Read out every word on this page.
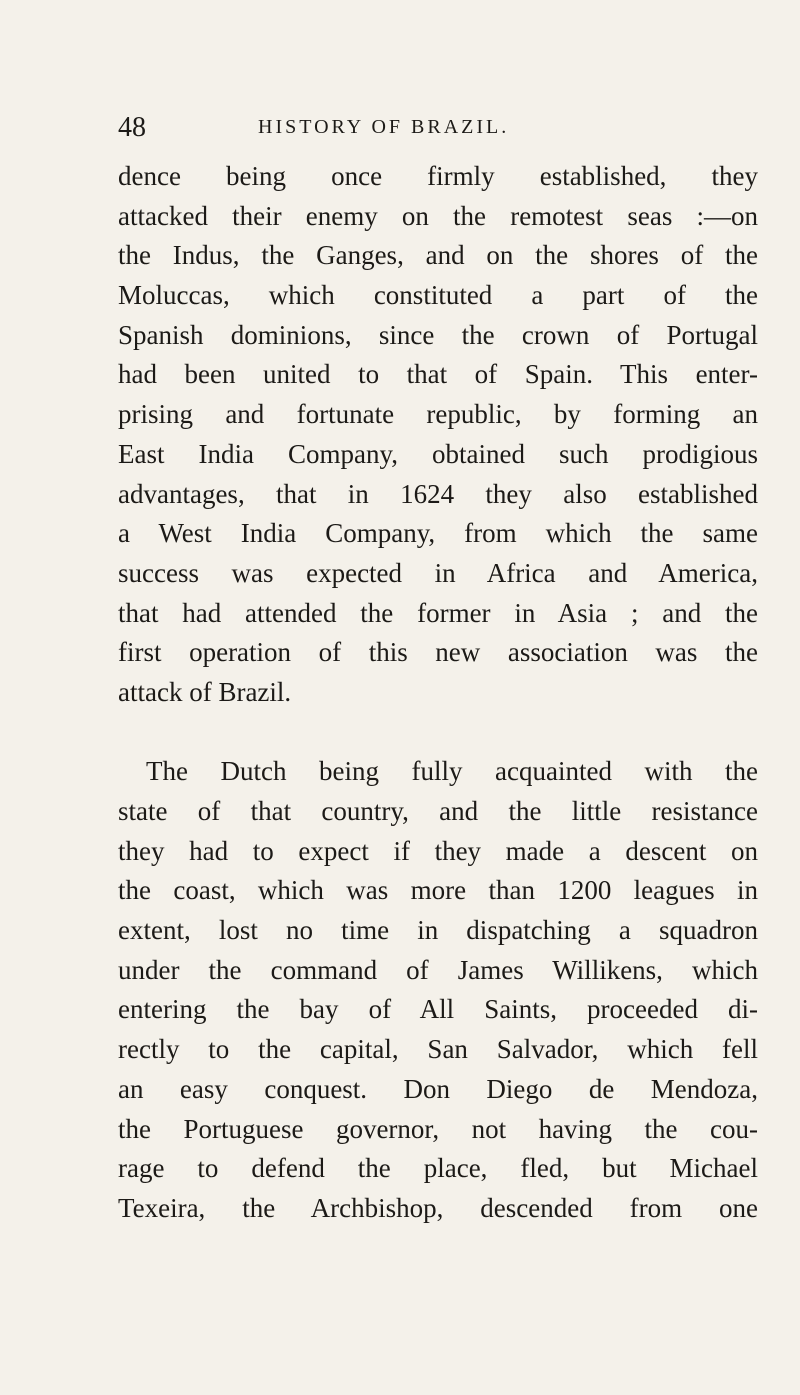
48	HISTORY OF BRAZIL.
dence being once firmly established, they
attacked their enemy on the remotest seas :—on
the Indus, the Ganges, and on the shores of the
Moluccas, which constituted a part of the
Spanish dominions, since the crown of Portugal
had been united to that of Spain. This enter-
prising and fortunate republic, by forming an
East India Company, obtained such prodigious
advantages, that in 1624 they also established
a West India Company, from which the same
success was expected in Africa and America,
that had attended the former in Asia ; and the
first operation of this new association was the
attack of Brazil.
The Dutch being fully acquainted with the
state of that country, and the little resistance
they had to expect if they made a descent on
the coast, which was more than 1200 leagues in
extent, lost no time in dispatching a squadron
under the command of James Willikens, which
entering the bay of All Saints, proceeded di-
rectly to the capital, San Salvador, which fell
an easy conquest. Don Diego de Mendoza,
the Portuguese governor, not having the cou-
rage to defend the place, fled, but Michael
Texeira, the Archbishop, descended from one
